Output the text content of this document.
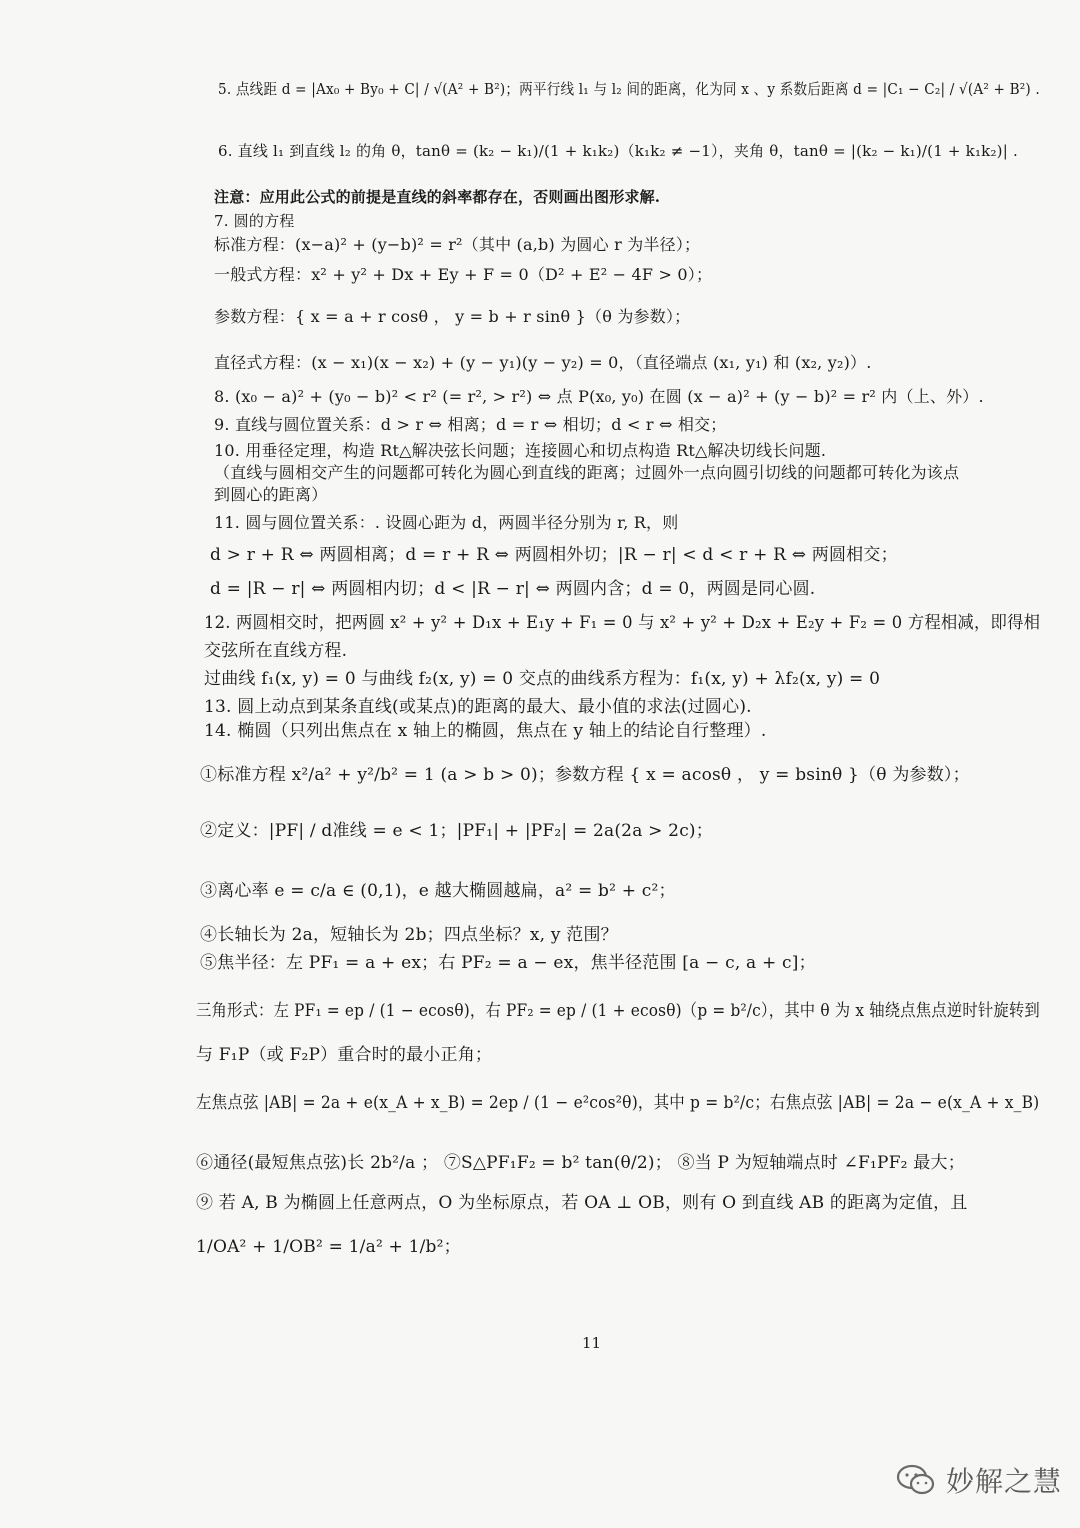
5. 点线距 d = |Ax₀ + By₀ + C| / √(A² + B²)；两平行线 l₁ 与 l₂ 间的距离，化为同 x 、y 系数后距离 d = |C₁ − C₂| / √(A² + B²) .
6. 直线 l₁ 到直线 l₂ 的角 θ，tanθ = (k₂ − k₁)/(1 + k₁k₂)（k₁k₂ ≠ −1），夹角 θ，tanθ = |(k₂ − k₁)/(1 + k₁k₂)| .
注意：应用此公式的前提是直线的斜率都存在，否则画出图形求解.
7. 圆的方程
标准方程：(x−a)² + (y−b)² = r²（其中 (a,b) 为圆心 r 为半径）；
一般式方程：x² + y² + Dx + Ey + F = 0（D² + E² − 4F > 0）；
参数方程：{ x = a + r cosθ ， y = b + r sinθ }（θ 为参数）；
直径式方程：(x − x₁)(x − x₂) + (y − y₁)(y − y₂) = 0，（直径端点 (x₁, y₁) 和 (x₂, y₂)）.
8. (x₀ − a)² + (y₀ − b)² < r² (= r², > r²) ⇔ 点 P(x₀, y₀) 在圆 (x − a)² + (y − b)² = r² 内（上、外）.
9. 直线与圆位置关系：d > r ⇔ 相离；d = r ⇔ 相切；d < r ⇔ 相交；
10. 用垂径定理，构造 Rt△解决弦长问题；连接圆心和切点构造 Rt△解决切线长问题.
（直线与圆相交产生的问题都可转化为圆心到直线的距离；过圆外一点向圆引切线的问题都可转化为该点
到圆心的距离）
11. 圆与圆位置关系：. 设圆心距为 d，两圆半径分别为 r, R，则
d > r + R ⇔ 两圆相离；d = r + R ⇔ 两圆相外切；|R − r| < d < r + R ⇔ 两圆相交；
d = |R − r| ⇔ 两圆相内切；d < |R − r| ⇔ 两圆内含；d = 0，两圆是同心圆.
12. 两圆相交时，把两圆 x² + y² + D₁x + E₁y + F₁ = 0 与 x² + y² + D₂x + E₂y + F₂ = 0 方程相减，即得相
交弦所在直线方程.
过曲线 f₁(x, y) = 0 与曲线 f₂(x, y) = 0 交点的曲线系方程为：f₁(x, y) + λf₂(x, y) = 0
13. 圆上动点到某条直线(或某点)的距离的最大、最小值的求法(过圆心).
14. 椭圆（只列出焦点在 x 轴上的椭圆，焦点在 y 轴上的结论自行整理）.
①标准方程 x²/a² + y²/b² = 1 (a > b > 0)；参数方程 { x = acosθ ， y = bsinθ }（θ 为参数）；
②定义：|PF| / d准线 = e < 1；|PF₁| + |PF₂| = 2a(2a > 2c)；
③离心率 e = c/a ∈ (0,1)，e 越大椭圆越扁，a² = b² + c²；
④长轴长为 2a，短轴长为 2b；四点坐标？x, y 范围？
⑤焦半径：左 PF₁ = a + ex；右 PF₂ = a − ex，焦半径范围 [a − c, a + c]；
三角形式：左 PF₁ = ep / (1 − ecosθ)，右 PF₂ = ep / (1 + ecosθ)（p = b²/c），其中 θ 为 x 轴绕点焦点逆时针旋转到
与 F₁P（或 F₂P）重合时的最小正角；
左焦点弦 |AB| = 2a + e(x_A + x_B) = 2ep / (1 − e²cos²θ)，其中 p = b²/c；右焦点弦 |AB| = 2a − e(x_A + x_B)
⑥通径(最短焦点弦)长 2b²/a ； ⑦S△PF₁F₂ = b² tan(θ/2)； ⑧当 P 为短轴端点时 ∠F₁PF₂ 最大；
⑨ 若 A, B 为椭圆上任意两点，O 为坐标原点，若 OA ⊥ OB，则有 O 到直线 AB 的距离为定值，且
1/OA² + 1/OB² = 1/a² + 1/b²；
11
妙解之慧
